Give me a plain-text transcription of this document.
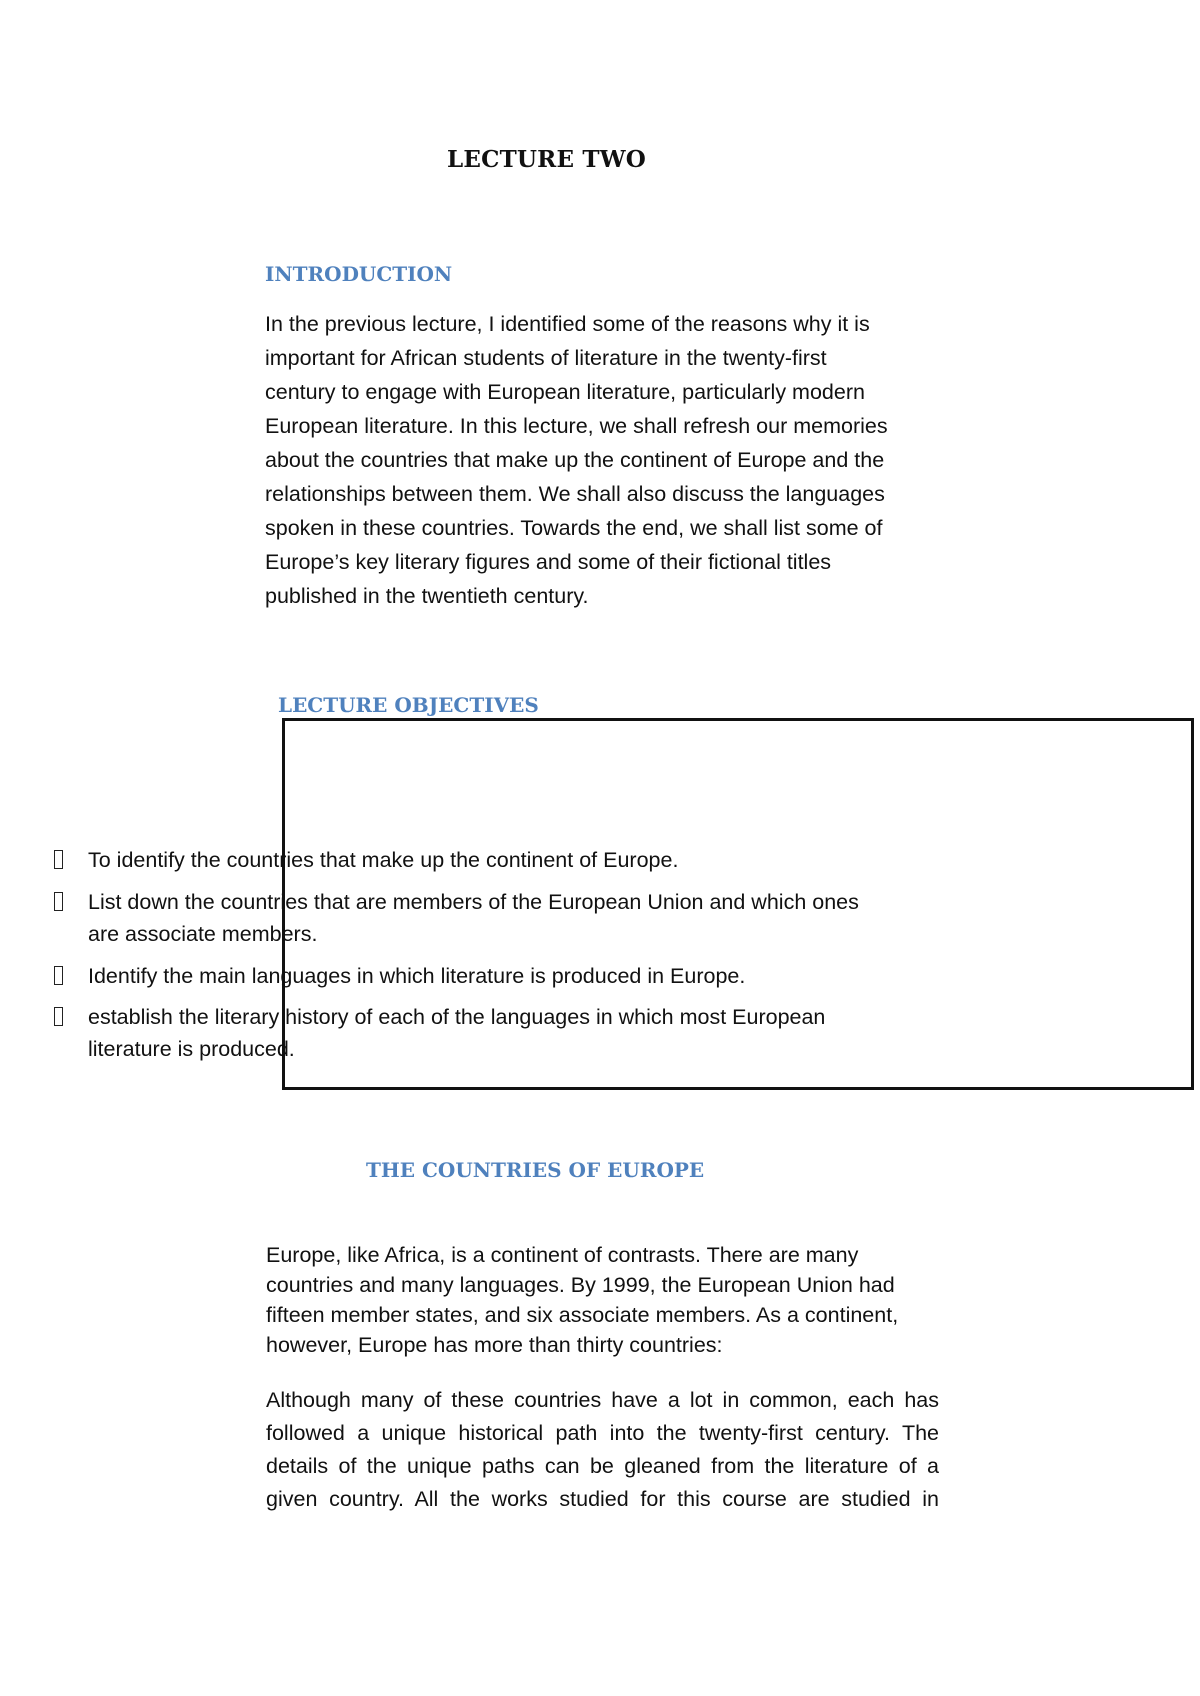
LECTURE TWO
INTRODUCTION

In the previous lecture, I identified some of the reasons why it is
important for African students of literature in the twenty-first
century to engage with European literature, particularly modern
European literature. In this lecture, we shall refresh our memories
about the countries that make up the continent of Europe and the
relationships between them. We shall also discuss the languages
spoken in these countries. Towards the end, we shall list some of
Europe’s key literary figures and some of their fictional titles
published in the twentieth century.

LECTURE OBJECTIVES
To identify the countries that make up the continent of Europe.
List down the countries that are members of the European Union and which ones
are associate members.
Identify the main languages in which literature is produced in Europe.
establish the literary history of each of the languages in which most European
literature is produced.
THE COUNTRIES OF EUROPE

Europe, like Africa, is a continent of contrasts. There are many
countries and many languages. By 1999, the European Union had
fifteen member states, and six associate members. As a continent,
however, Europe has more than thirty countries:

Although many of these countries have a lot in common, each has
followed a unique historical path into the twenty-first century. The
details of the unique paths can be gleaned from the literature of a
given country. All the works studied for this course are studied in
